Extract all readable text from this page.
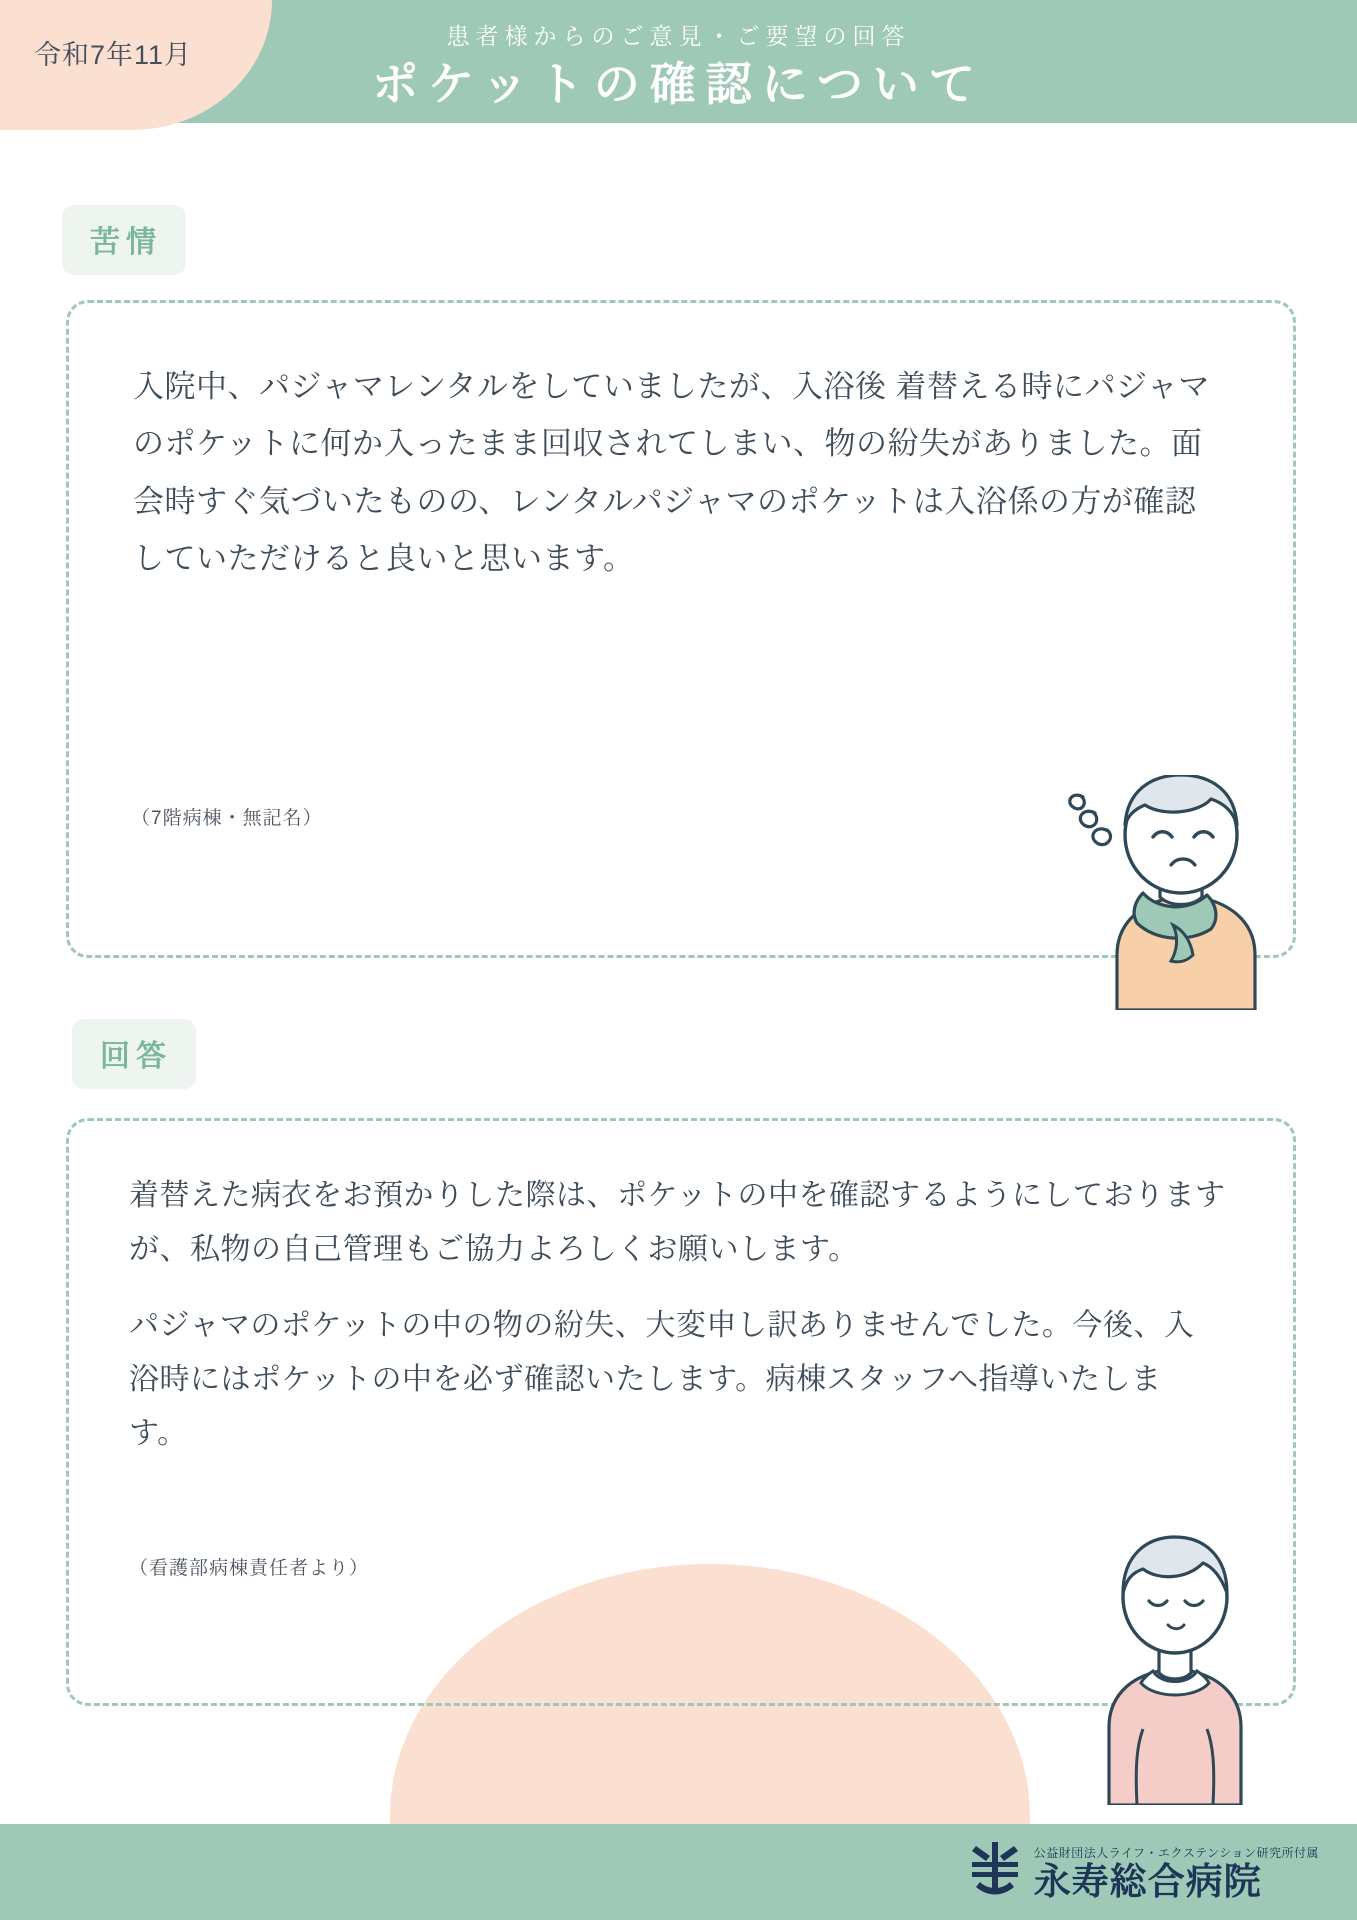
患者様からのご意見・ご要望の回答
ポケットの確認について
令和7年11月
苦情
入院中、パジャマレンタルをしていましたが、入浴後 着替える時にパジャマのポケットに何か入ったまま回収されてしまい、物の紛失がありました。面会時すぐ気づいたものの、レンタルパジャマのポケットは入浴係の方が確認していただけると良いと思います。
（7階病棟・無記名）
回答
着替えた病衣をお預かりした際は、ポケットの中を確認するようにしておりますが、私物の自己管理もご協力よろしくお願いします。
パジャマのポケットの中の物の紛失、大変申し訳ありませんでした。今後、入浴時にはポケットの中を必ず確認いたします。病棟スタッフへ指導いたします。
（看護部病棟責任者より）
公益財団法人ライフ・エクステンション研究所付属
永寿総合病院
